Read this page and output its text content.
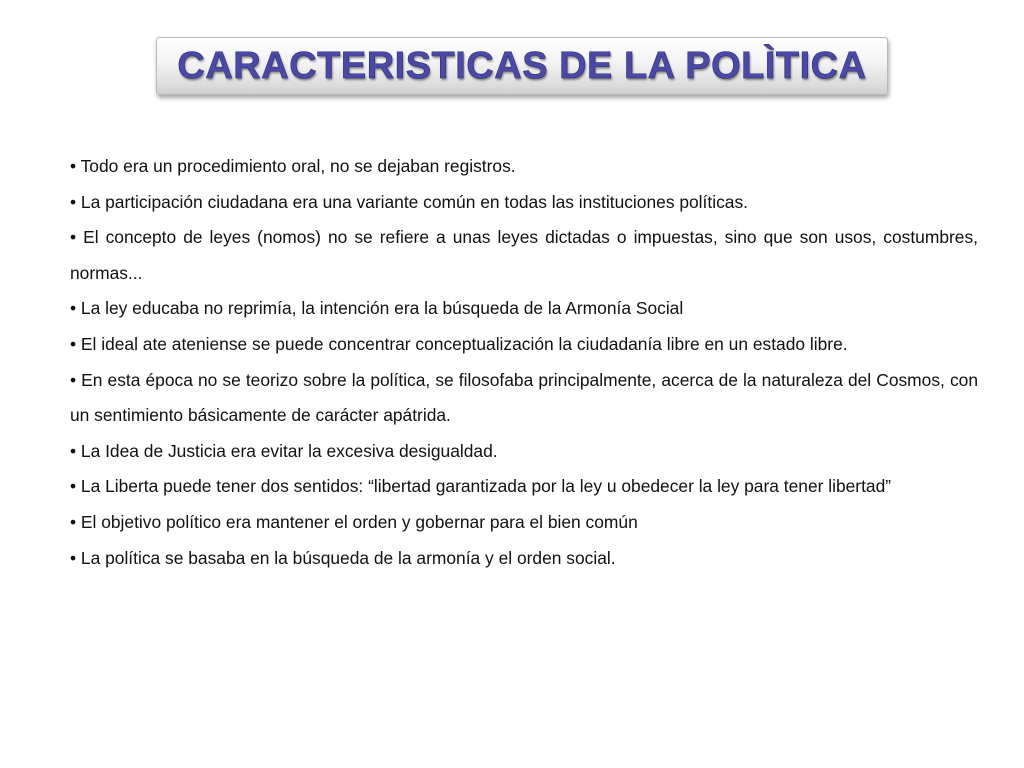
CARACTERISTICAS DE LA POLÌTICA

• Todo era un procedimiento oral, no se dejaban registros.

• La participación ciudadana era una variante común en todas las instituciones políticas.

• El concepto de leyes (nomos) no se refiere a unas leyes dictadas o impuestas, sino que son usos, costumbres, normas...

• La ley educaba no reprimía, la intención era la búsqueda de la Armonía Social

• El ideal ate ateniense se puede concentrar conceptualización la ciudadanía libre en un estado libre.

• En esta época no se teorizo sobre la política, se filosofaba principalmente, acerca de la naturaleza del Cosmos, con un sentimiento básicamente de carácter apátrida.

• La Idea de Justicia era evitar la excesiva desigualdad.

• La Liberta puede tener dos sentidos: “libertad garantizada por la ley u obedecer la ley para tener libertad”

• El objetivo político era mantener el orden y gobernar para el bien común

• La política se basaba en la búsqueda de la armonía y el orden social.
